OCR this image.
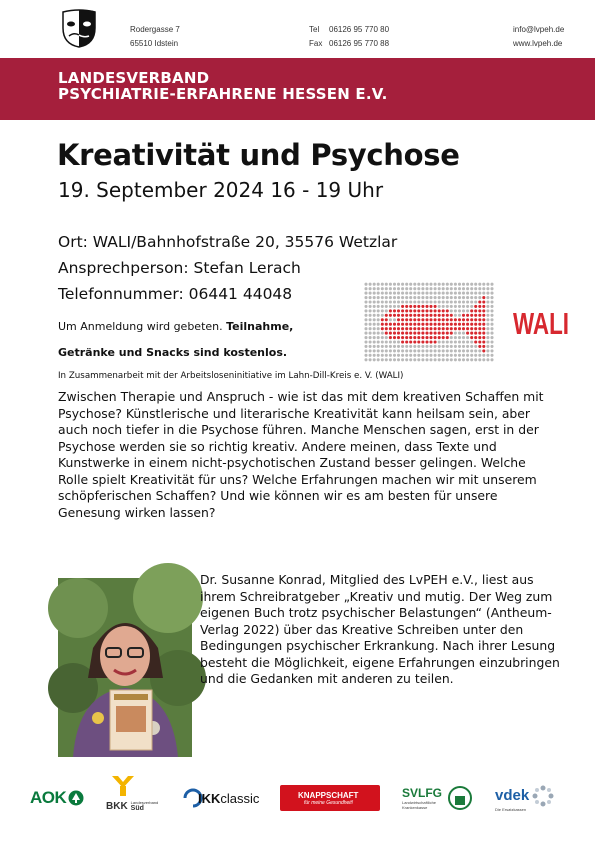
Rodergasse 7
65510 Idstein
Tel 06126 95 770 80
Fax 06126 95 770 88
info@lvpeh.de
www.lvpeh.de
LANDESVERBAND
PSYCHIATRIE-ERFAHRENE HESSEN E.V.
Kreativität und Psychose
19. September 2024 16 - 19 Uhr
Ort: WALI/Bahnhofstraße 20, 35576 Wetzlar
Ansprechperson: Stefan Lerach
Telefonnummer: 06441 44048
Um Anmeldung wird gebeten. Teilnahme, Getränke und Snacks sind kostenlos.
In Zusammenarbeit mit der Arbeitsloseninitiative im Lahn-Dill-Kreis e. V. (WALI)
WALI

Zwischen Therapie und Anspruch - wie ist das mit dem kreativen Schaffen mit Psychose? Künstlerische und literarische Kreativität kann heilsam sein, aber auch noch tiefer in die Psychose führen. Manche Menschen sagen, erst in der Psychose werden sie so richtig kreativ. Andere meinen, dass Texte und Kunstwerke in einem nicht-psychotischen Zustand besser gelingen. Welche Rolle spielt Kreativität für uns? Welche Erfahrungen machen wir mit unserem schöpferischen Schaffen? Und wie können wir es am besten für unsere Genesung wirken lassen?

Dr. Susanne Konrad, Mitglied des LvPEH e.V., liest aus ihrem Schreibratgeber „Kreativ und mutig. Der Weg zum eigenen Buch trotz psychischer Belastungen“ (Antheum-Verlag 2022) über das Kreative Schreiben unter den Bedingungen psychischer Erkrankung. Nach ihrer Lesung besteht die Möglichkeit, eigene Erfahrungen einzubringen und die Gedanken mit anderen zu teilen.
AOK	BKK Landesverband
Süd
IKK classic	KNAPPSCHAFT
für meine Gesundheit!
SVLFG
Landwirtschaftliche Krankenkasse
vdek
Die Ersatzkassen
